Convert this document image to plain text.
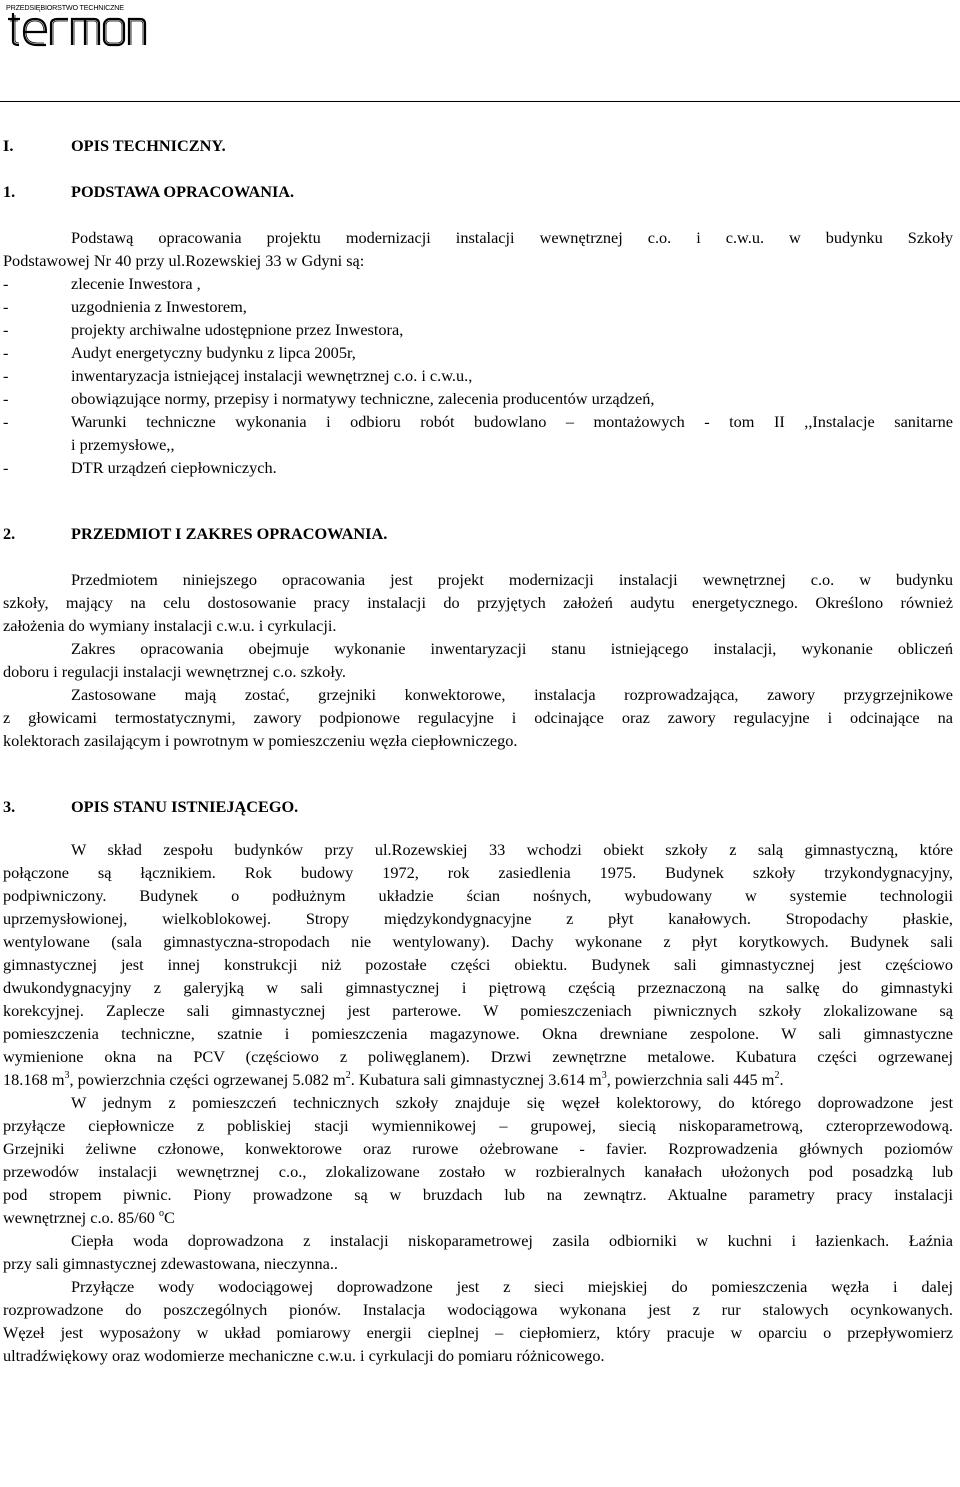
PRZEDSIĘBIORSTWO TECHNICZNE
I.	OPIS TECHNICZNY.
1.	PODSTAWA OPRACOWANIA.
Podstawą opracowania projektu modernizacji instalacji wewnętrznej c.o. i c.w.u. w budynku Szkoły
Podstawowej Nr 40 przy ul.Rozewskiej 33 w Gdyni są:
-	zlecenie Inwestora ,
-	uzgodnienia z Inwestorem,
-	projekty archiwalne udostępnione przez Inwestora,
-	Audyt energetyczny budynku z lipca 2005r,
-	inwentaryzacja istniejącej instalacji wewnętrznej c.o. i c.w.u.,
-	obowiązujące normy, przepisy i normatywy techniczne, zalecenia producentów urządzeń,
-	Warunki techniczne wykonania i odbioru robót budowlano – montażowych - tom II ,,Instalacje sanitarne
i przemysłowe,,
-	DTR urządzeń ciepłowniczych.
2.	PRZEDMIOT I ZAKRES OPRACOWANIA.
Przedmiotem niniejszego opracowania jest projekt modernizacji instalacji wewnętrznej c.o. w budynku
szkoły, mający na celu dostosowanie pracy instalacji do przyjętych założeń audytu energetycznego. Określono również
założenia do wymiany instalacji c.w.u. i cyrkulacji.
Zakres opracowania obejmuje wykonanie inwentaryzacji stanu istniejącego instalacji, wykonanie obliczeń
doboru i regulacji instalacji wewnętrznej c.o. szkoły.
Zastosowane mają zostać, grzejniki konwektorowe, instalacja rozprowadzająca, zawory przygrzejnikowe
z głowicami termostatycznymi, zawory podpionowe regulacyjne i odcinające oraz zawory regulacyjne i odcinające na
kolektorach zasilającym i powrotnym w pomieszczeniu węzła ciepłowniczego.
3.	OPIS STANU ISTNIEJĄCEGO.
W skład zespołu budynków przy ul.Rozewskiej 33 wchodzi obiekt szkoły z salą gimnastyczną, które
połączone są łącznikiem. Rok budowy 1972, rok zasiedlenia 1975. Budynek szkoły trzykondygnacyjny,
podpiwniczony. Budynek o podłużnym układzie ścian nośnych, wybudowany w systemie technologii
uprzemysłowionej, wielkoblokowej. Stropy międzykondygnacyjne z płyt kanałowych. Stropodachy płaskie,
wentylowane (sala gimnastyczna-stropodach nie wentylowany). Dachy wykonane z płyt korytkowych. Budynek sali
gimnastycznej jest innej konstrukcji niż pozostałe części obiektu. Budynek sali gimnastycznej jest częściowo
dwukondygnacyjny z galeryjką w sali gimnastycznej i piętrową częścią przeznaczoną na salkę do gimnastyki
korekcyjnej. Zaplecze sali gimnastycznej jest parterowe. W pomieszczeniach piwnicznych szkoły zlokalizowane są
pomieszczenia techniczne, szatnie i pomieszczenia magazynowe. Okna drewniane zespolone. W sali gimnastyczne
wymienione okna na PCV (częściowo z poliwęglanem). Drzwi zewnętrzne metalowe. Kubatura części ogrzewanej
18.168 $m^3$, powierzchnia części ogrzewanej 5.082 $m^2$. Kubatura sali gimnastycznej 3.614 $m^3$, powierzchnia sali 445 $m^2$.
W jednym z pomieszczeń technicznych szkoły znajduje się węzeł kolektorowy, do którego doprowadzone jest
przyłącze ciepłownicze z pobliskiej stacji wymiennikowej – grupowej, siecią niskoparametrową, czteroprzewodową.
Grzejniki żeliwne członowe, konwektorowe oraz rurowe ożebrowane - favier. Rozprowadzenia głównych poziomów
przewodów instalacji wewnętrznej c.o., zlokalizowane zostało w rozbieralnych kanałach ułożonych pod posadzką lub
pod stropem piwnic. Piony prowadzone są w bruzdach lub na zewnątrz. Aktualne parametry pracy instalacji
wewnętrznej c.o. 85/60 $^o$C
Ciepła woda doprowadzona z instalacji niskoparametrowej zasila odbiorniki w kuchni i łazienkach. Łaźnia
przy sali gimnastycznej zdewastowana, nieczynna..
Przyłącze wody wodociągowej doprowadzone jest z sieci miejskiej do pomieszczenia węzła i dalej
rozprowadzone do poszczególnych pionów. Instalacja wodociągowa wykonana jest z rur stalowych ocynkowanych.
Węzeł jest wyposażony w układ pomiarowy energii cieplnej – ciepłomierz, który pracuje w oparciu o przepływomierz
ultradźwiękowy oraz wodomierze mechaniczne c.w.u. i cyrkulacji do pomiaru różnicowego.
